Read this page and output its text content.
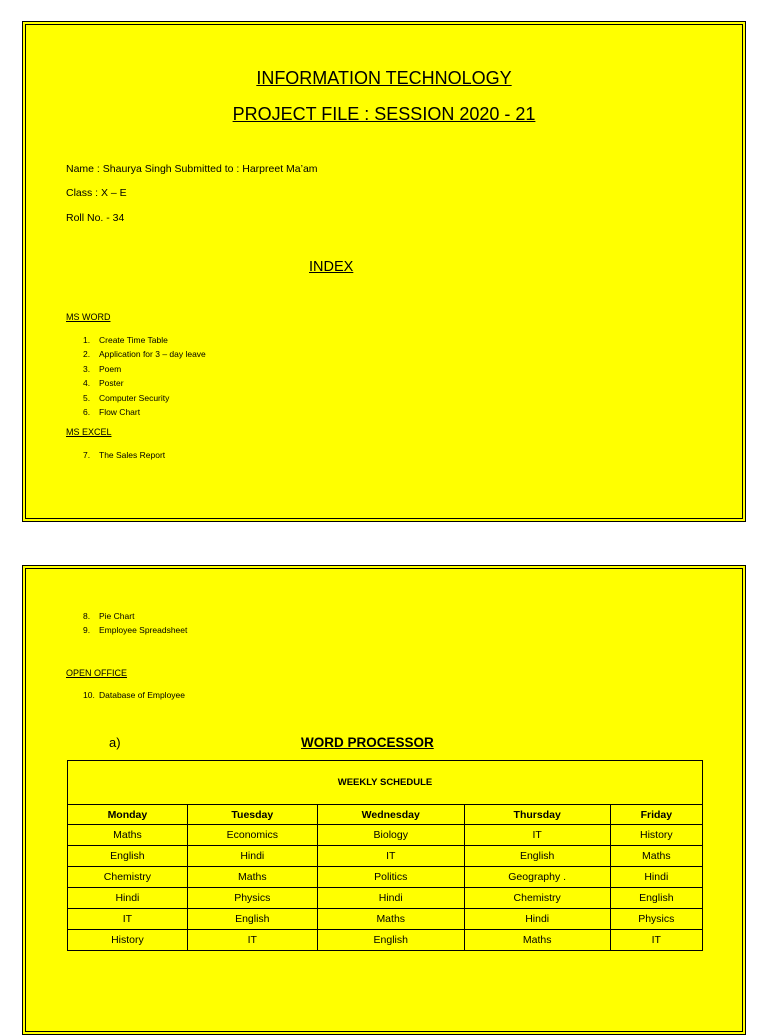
INFORMATION TECHNOLOGY
PROJECT FILE : SESSION 2020 - 21
Name : Shaurya Singh Submitted to : Harpreet Ma’am
Class : X – E
Roll No. - 34
INDEX
MS WORD
1. Create Time Table
2. Application for 3 – day leave
3. Poem
4. Poster
5. Computer Security
6. Flow Chart
MS EXCEL
7. The Sales Report
8. Pie Chart
9. Employee Spreadsheet
OPEN OFFICE
10. Database of Employee
a)	WORD PROCESSOR
WEEKLY SCHEDULE				
Monday	Tuesday	Wednesday	Thursday	Friday
Maths	Economics	Biology	IT	History
English	Hindi	IT	English	Maths
Chemistry	Maths	Politics	Geography .	Hindi
Hindi	Physics	Hindi	Chemistry	English
IT	English	Maths	Hindi	Physics
History	IT	English	Maths	IT
